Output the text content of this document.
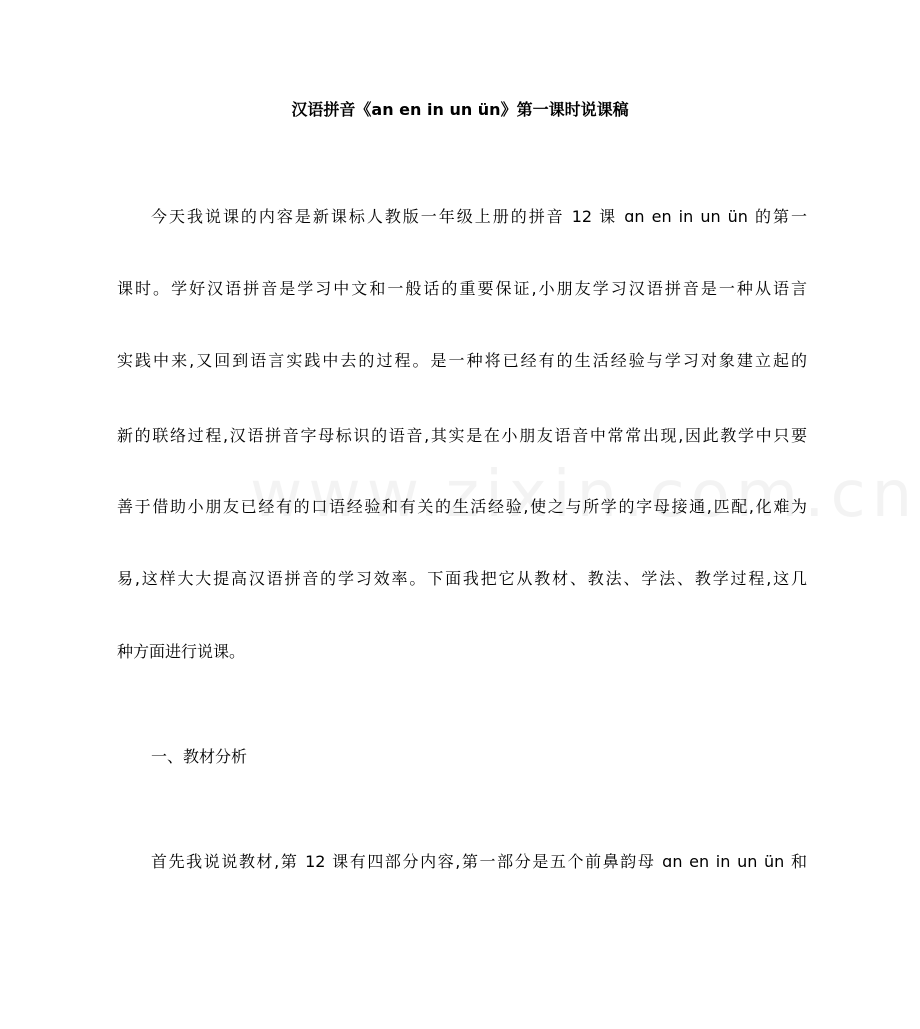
汉语拼音《an en in un ün》第一课时说课稿
今天我说课的内容是新课标人教版一年级上册的拼音 12 课 ɑn en in un ün 的第一
课时。学好汉语拼音是学习中文和一般话的重要保证,小朋友学习汉语拼音是一种从语言
实践中来,又回到语言实践中去的过程。是一种将已经有的生活经验与学习对象建立起的
新的联络过程,汉语拼音字母标识的语音,其实是在小朋友语音中常常出现,因此教学中只要
善于借助小朋友已经有的口语经验和有关的生活经验,使之与所学的字母接通,匹配,化难为
易,这样大大提高汉语拼音的学习效率。下面我把它从教材、教法、学法、教学过程,这几
种方面进行说课。
一、教材分析
首先我说说教材,第 12 课有四部分内容,第一部分是五个前鼻韵母 ɑn en in un ün 和
